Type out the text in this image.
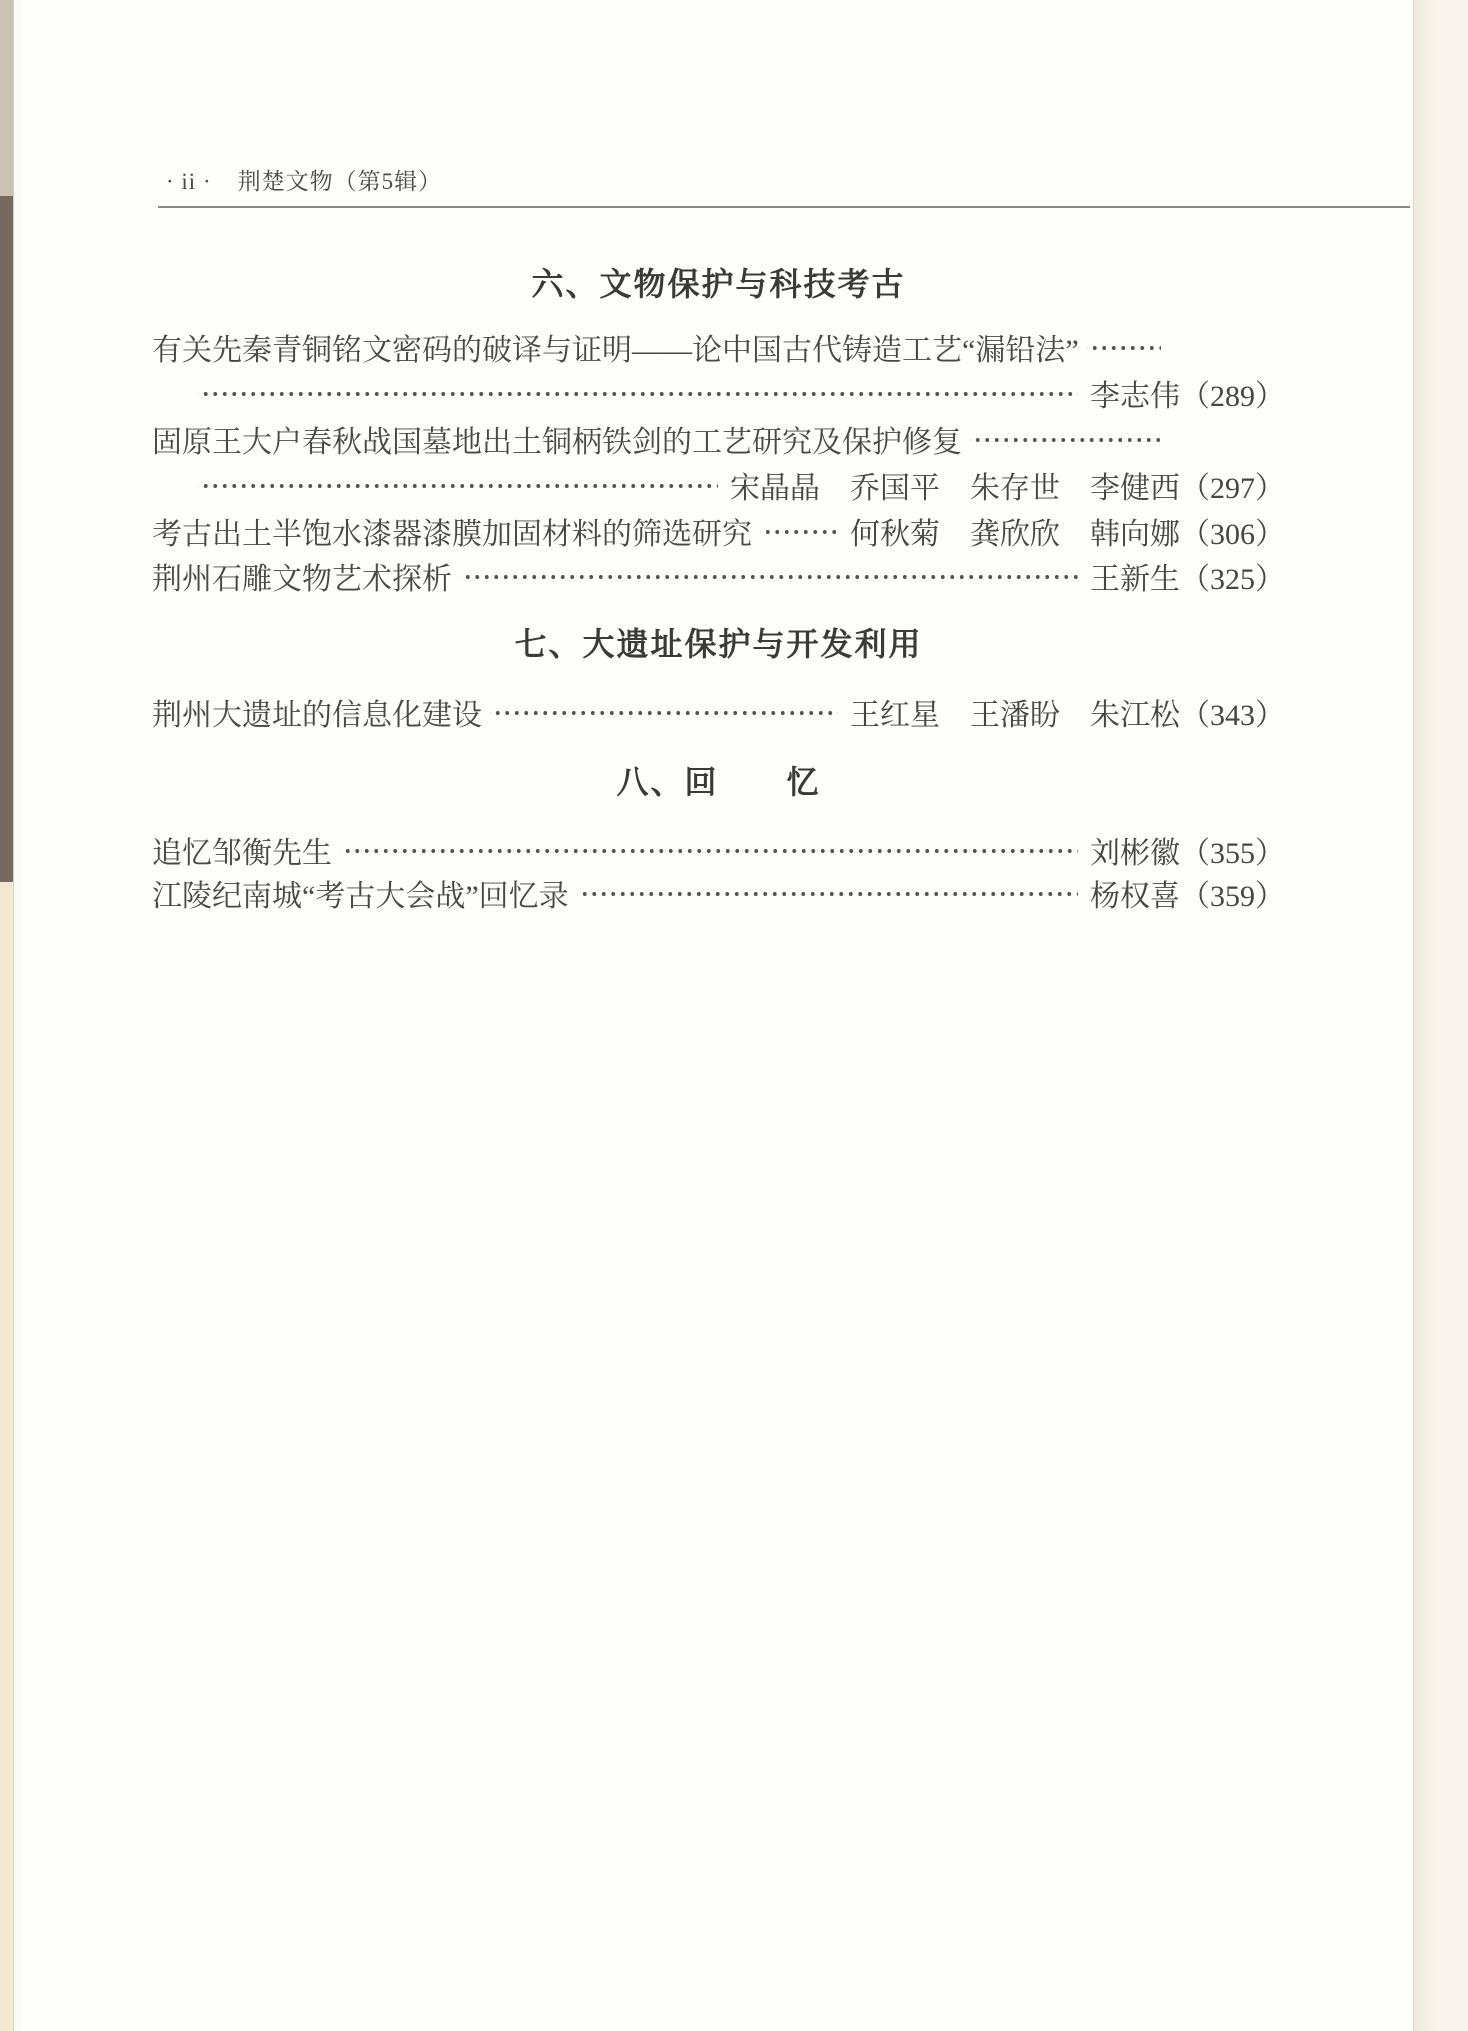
· ii · 荆楚文物（第5辑）
六、文物保护与科技考古
有关先秦青铜铭文密码的破译与证明——论中国古代铸造工艺“漏铅法”
李志伟 （289）
固原王大户春秋战国墓地出土铜柄铁剑的工艺研究及保护修复
宋晶晶　乔国平　朱存世　李健西 （297）
考古出土半饱水漆器漆膜加固材料的筛选研究	何秋菊　龚欣欣　韩向娜 （306）
荆州石雕文物艺术探析	王新生 （325）
七、大遗址保护与开发利用
荆州大遗址的信息化建设	王红星　王潘盼　朱江松 （343）
八、回　　忆
追忆邹衡先生	刘彬徽 （355）
江陵纪南城“考古大会战”回忆录	杨权喜 （359）
